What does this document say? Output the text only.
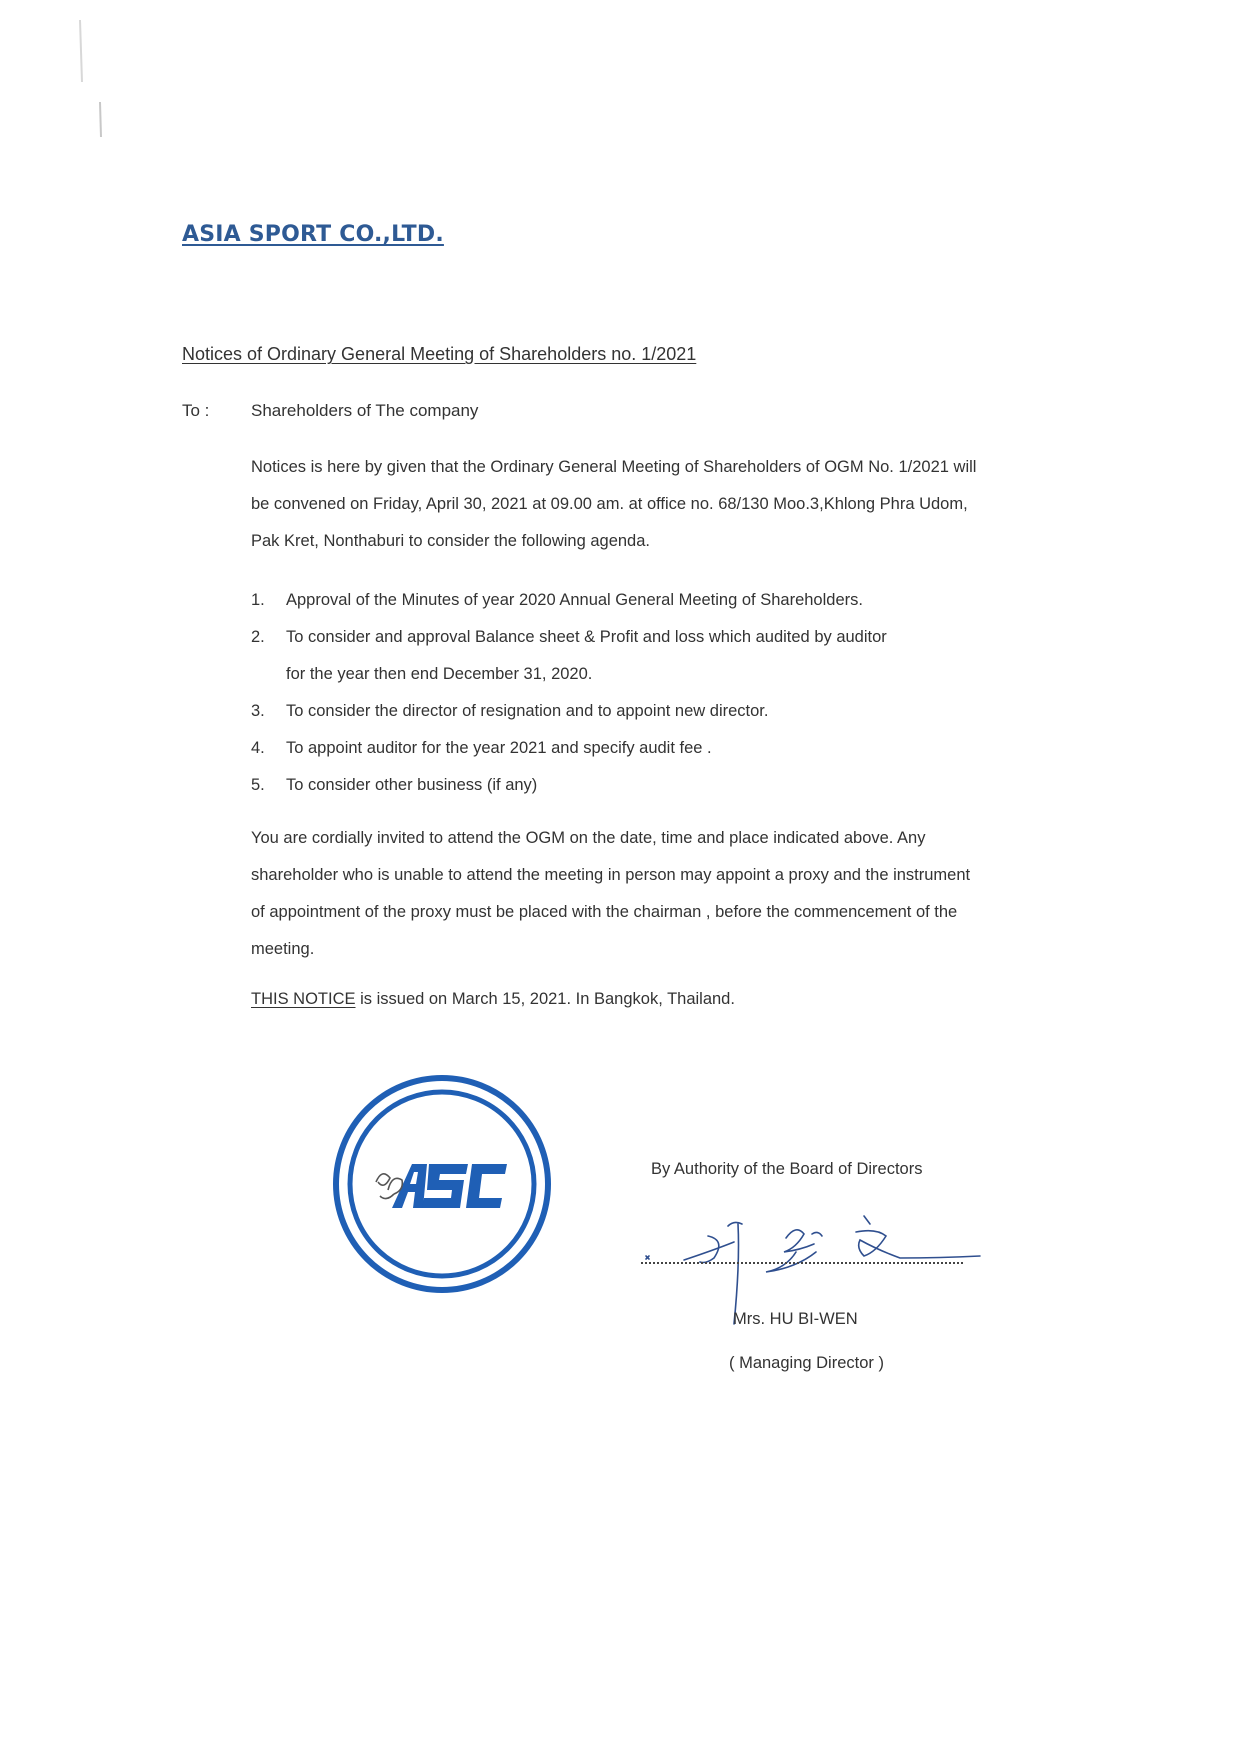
ASIA SPORT CO.,LTD.
Notices of Ordinary General Meeting of Shareholders no. 1/2021
To : Shareholders of The company
Notices is here by given that the Ordinary General Meeting of Shareholders of OGM No. 1/2021 will
be convened on Friday, April 30, 2021 at 09.00 am. at office no. 68/130 Moo.3,Khlong Phra Udom,
Pak Kret, Nonthaburi to consider the following agenda.
1. Approval of the Minutes of year 2020 Annual General Meeting of Shareholders.
2. To consider and approval Balance sheet & Profit and loss which audited by auditor
for the year then end December 31, 2020.
3. To consider the director of resignation and to appoint new director.
4. To appoint auditor for the year 2021 and specify audit fee .
5. To consider other business (if any)
You are cordially invited to attend the OGM on the date, time and place indicated above. Any
shareholder who is unable to attend the meeting in person may appoint a proxy and the instrument
of appointment of the proxy must be placed with the chairman , before the commencement of the
meeting.
THIS NOTICE is issued on March 15, 2021. In Bangkok, Thailand.
By Authority of the Board of Directors
Mrs. HU BI-WEN
( Managing Director )
